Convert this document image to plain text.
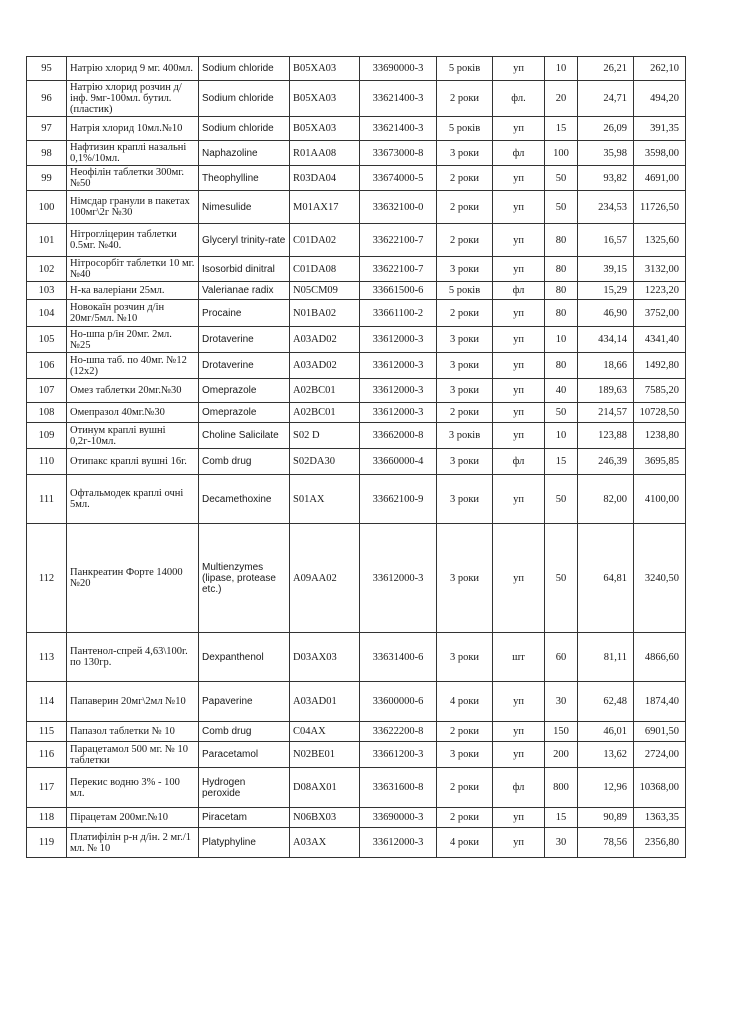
95	Натрію хлорид 9 мг. 400мл.	Sodium chloride	B05XA03	33690000-3	5 років	уп	10	26,21	262,10
96	Натрію хлорид розчин д/інф. 9мг-100мл. бутил. (пластик)	Sodium chloride	B05XA03	33621400-3	2 роки	фл.	20	24,71	494,20
97	Натрія хлорид 10мл.№10	Sodium chloride	B05XA03	33621400-3	5 років	уп	15	26,09	391,35
98	Нафтизин краплі назальні 0,1%/10мл.	Naphazoline	R01AA08	33673000-8	3 роки	фл	100	35,98	3598,00
99	Неофілін таблетки 300мг.№50	Theophylline	R03DA04	33674000-5	2 роки	уп	50	93,82	4691,00
100	Німсдар гранули в пакетах 100мг\2г №30	Nimesulide	M01AX17	33632100-0	2 роки	уп	50	234,53	11726,50
101	Нітрогліцерин таблетки 0.5мг. №40.	Glyceryl trinity-rate	C01DA02	33622100-7	2 роки	уп	80	16,57	1325,60
102	Нітросорбіт таблетки 10 мг. №40	Isosorbid dinitral	C01DA08	33622100-7	3 роки	уп	80	39,15	3132,00
103	Н-ка валеріани 25мл.	Valerianae radix	N05CM09	33661500-6	5 років	фл	80	15,29	1223,20
104	Новокаїн розчин д/ін 20мг/5мл. №10	Procaine	N01BA02	33661100-2	2 роки	уп	80	46,90	3752,00
105	Но-шпа р/ін 20мг. 2мл. №25	Drotaverine	A03AD02	33612000-3	3 роки	уп	10	434,14	4341,40
106	Но-шпа таб. по 40мг. №12 (12х2)	Drotaverine	A03AD02	33612000-3	3 роки	уп	80	18,66	1492,80
107	Омез таблетки 20мг.№30	Omeprazole	A02BC01	33612000-3	3 роки	уп	40	189,63	7585,20
108	Омепразол 40мг.№30	Omeprazole	A02BC01	33612000-3	2 роки	уп	50	214,57	10728,50
109	Отинум краплі вушні 0,2г-10мл.	Choline Salicilate	S02 D	33662000-8	3 років	уп	10	123,88	1238,80
110	Отипакс краплі вушні 16г.	Comb drug	S02DA30	33660000-4	3 роки	фл	15	246,39	3695,85
111	Офтальмодек краплі очні 5мл.	Decamethoxine	S01AX	33662100-9	3 роки	уп	50	82,00	4100,00
112	Панкреатин Форте 14000 №20	Multienzymes (lipase, protease etc.)	A09AA02	33612000-3	3 роки	уп	50	64,81	3240,50
113	Пантенол-спрей 4,63\100г. по 130гр.	Dexpanthenol	D03AX03	33631400-6	3 роки	шт	60	81,11	4866,60
114	Папаверин 20мг\2мл №10	Papaverine	A03AD01	33600000-6	4 роки	уп	30	62,48	1874,40
115	Папазол таблетки № 10	Comb drug	C04AX	33622200-8	2 роки	уп	150	46,01	6901,50
116	Парацетамол 500 мг. № 10 таблетки	Paracetamol	N02BE01	33661200-3	3 роки	уп	200	13,62	2724,00
117	Перекис водню 3% - 100 мл.	Hydrogen peroxide	D08AX01	33631600-8	2 роки	фл	800	12,96	10368,00
118	Пірацетам 200мг.№10	Piracetam	N06BX03	33690000-3	2 роки	уп	15	90,89	1363,35
119	Платифілін р-н д/ін. 2 мг./1 мл. № 10	Platyphyline	A03AX	33612000-3	4 роки	уп	30	78,56	2356,80
